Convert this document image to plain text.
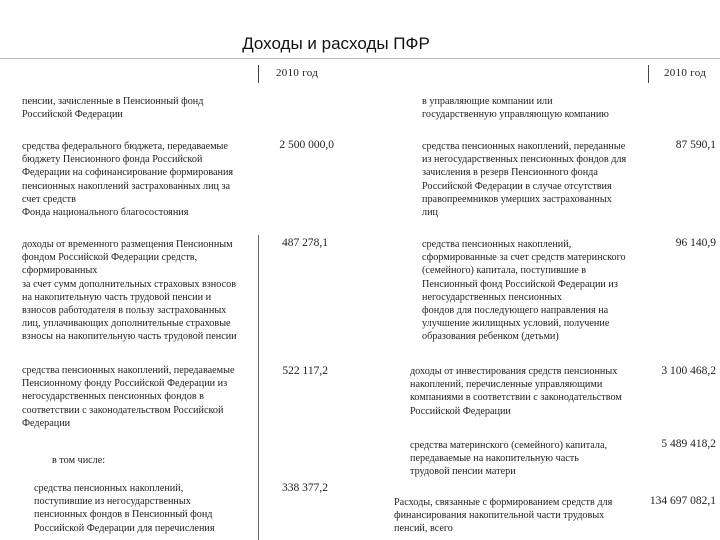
Доходы и расходы ПФР
2010 год	2010 год
пенсии, зачисленные в Пенсионный фонд
Российской Федерации
средства федерального бюджета, передаваемые
бюджету Пенсионного фонда Российской
Федерации на софинансирование формирования
пенсионных накоплений застрахованных лиц за
счет средств
Фонда национального благосостояния
2 500 000,0
доходы от временного размещения Пенсионным
фондом Российской Федерации средств,
сформированных
за счет сумм дополнительных страховых взносов
на накопительную часть трудовой пенсии и
взносов работодателя в пользу застрахованных
лиц, уплачивающих дополнительные страховые
взносы на накопительную часть трудовой пенсии
487 278,1
средства пенсионных накоплений, передаваемые
Пенсионному фонду Российской Федерации из
негосударственных пенсионных фондов в
соответствии с законодательством Российской
Федерации
522 117,2
в том числе:
средства пенсионных накоплений,
поступившие из негосударственных
пенсионных фондов в Пенсионный фонд
Российской Федерации для перечисления
338 377,2
в управляющие компании или
государственную управляющую компанию
средства пенсионных накоплений, переданные
из негосударственных пенсионных фондов для
зачисления в резерв Пенсионного фонда
Российской Федерации в случае отсутствия
правопреемников умерших застрахованных
лиц
87 590,1
средства пенсионных накоплений,
сформированные за счет средств материнского
(семейного) капитала, поступившие в
Пенсионный фонд Российской Федерации из
негосударственных пенсионных
фондов для последующего направления на
улучшение жилищных условий, получение
образования ребенком (детьми)
96 140,9
доходы от инвестирования средств пенсионных
накоплений, перечисленные управляющими
компаниями в соответствии с законодательством
Российской Федерации
3 100 468,2
средства материнского (семейного) капитала,
передаваемые на накопительную часть
трудовой пенсии матери
5 489 418,2
Расходы, связанные с формированием средств для
финансирования накопительной части трудовых
пенсий, всего
134 697 082,1
